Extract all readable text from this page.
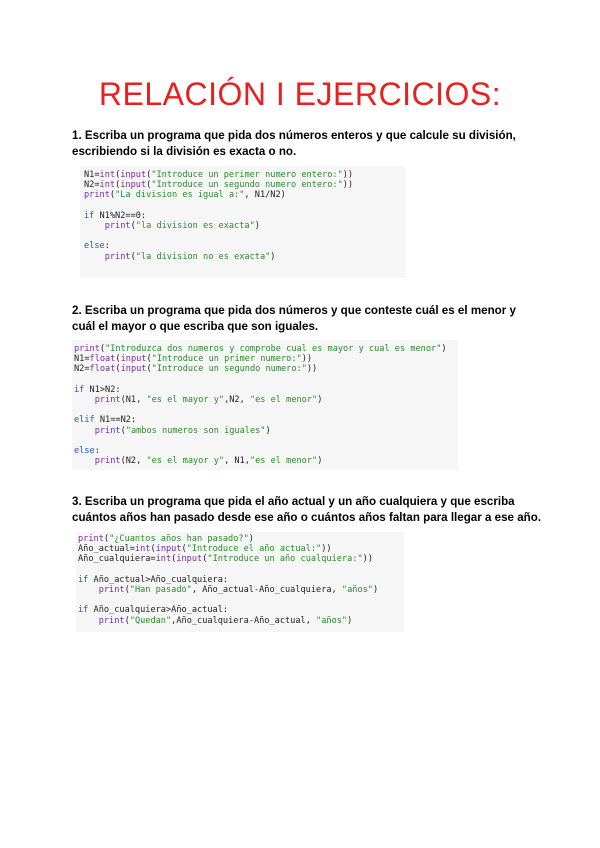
RELACIÓN I EJERCICIOS:
1. Escriba un programa que pida dos números enteros y que calcule su división, escribiendo si la división es exacta o no.
N1=int(input("Introduce un perimer numero entero:"))
N2=int(input("Introduce un segundo numero entero:"))
print("La division es igual a:", N1/N2)
if N1%N2==0:
print("la division es exacta")
else:
print("la division no es exacta")
2. Escriba un programa que pida dos números y que conteste cuál es el menor y cuál el mayor o que escriba que son iguales.
print("Introduzca dos numeros y comprobe cual es mayor y cual es menor")
N1=float(input("Introduce un primer numero:"))
N2=float(input("Introduce un segundo numero:"))
if N1>N2:
print(N1, "es el mayor y",N2, "es el menor")
elif N1==N2:
print("ambos numeros son iguales")
else:
print(N2, "es el mayor y", N1,"es el menor")
3. Escriba un programa que pida el año actual y un año cualquiera y que escriba cuántos años han pasado desde ese año o cuántos años faltan para llegar a ese año.
print("¿Cuantos años han pasado?")
Año_actual=int(input("Introduce el año actual:"))
Año_cualquiera=int(input("Introduce un año cualquiera:"))
if Año_actual>Año_cualquiera:
print("Han pasado", Año_actual-Año_cualquiera, "años")
if Año_cualquiera>Año_actual:
print("Quedan",Año_cualquiera-Año_actual, "años")
